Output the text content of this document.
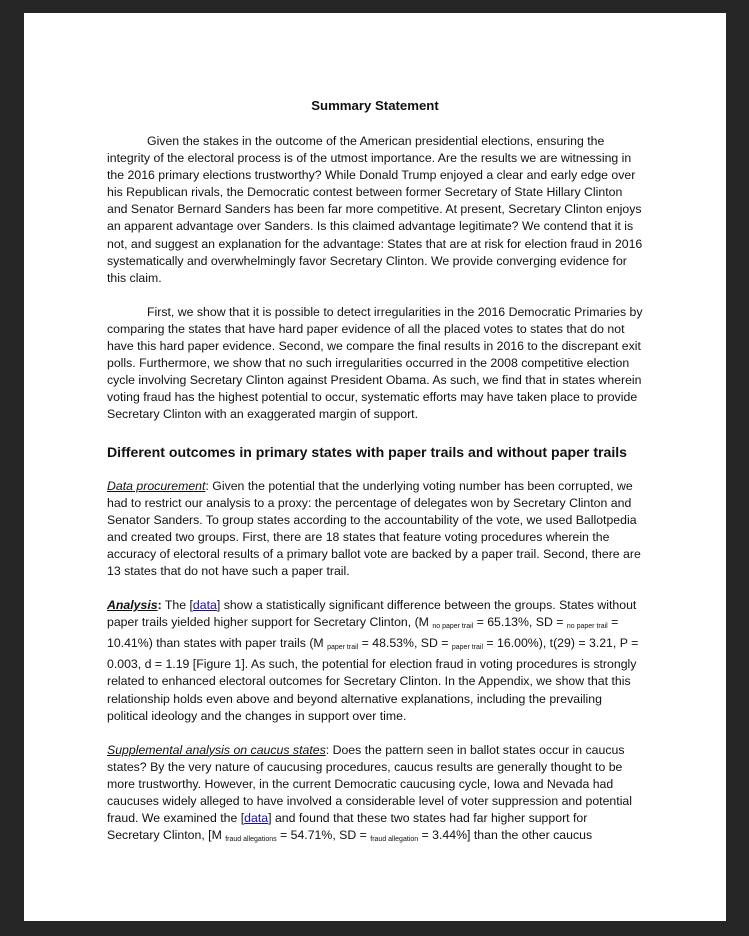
Summary Statement

Given the stakes in the outcome of the American presidential elections, ensuring the integrity of the electoral process is of the utmost importance. Are the results we are witnessing in the 2016 primary elections trustworthy? While Donald Trump enjoyed a clear and early edge over his Republican rivals, the Democratic contest between former Secretary of State Hillary Clinton and Senator Bernard Sanders has been far more competitive. At present, Secretary Clinton enjoys an apparent advantage over Sanders. Is this claimed advantage legitimate? We contend that it is not, and suggest an explanation for the advantage: States that are at risk for election fraud in 2016 systematically and overwhelmingly favor Secretary Clinton. We provide converging evidence for this claim.

First, we show that it is possible to detect irregularities in the 2016 Democratic Primaries by comparing the states that have hard paper evidence of all the placed votes to states that do not have this hard paper evidence. Second, we compare the final results in 2016 to the discrepant exit polls. Furthermore, we show that no such irregularities occurred in the 2008 competitive election cycle involving Secretary Clinton against President Obama. As such, we find that in states wherein voting fraud has the highest potential to occur, systematic efforts may have taken place to provide Secretary Clinton with an exaggerated margin of support.

Different outcomes in primary states with paper trails and without paper trails

Data procurement: Given the potential that the underlying voting number has been corrupted, we had to restrict our analysis to a proxy: the percentage of delegates won by Secretary Clinton and Senator Sanders. To group states according to the accountability of the vote, we used Ballotpedia and created two groups. First, there are 18 states that feature voting procedures wherein the accuracy of electoral results of a primary ballot vote are backed by a paper trail. Second, there are 13 states that do not have such a paper trail.

Analysis: The [data] show a statistically significant difference between the groups. States without paper trails yielded higher support for Secretary Clinton, (M $_{no paper trail}$ = 65.13%, SD = $_{no paper trail}$ = 10.41%) than states with paper trails (M $_{paper trail}$ = 48.53%, SD = $_{paper trail}$ = 16.00%), t(29) = 3.21, P = 0.003, d = 1.19 [Figure 1]. As such, the potential for election fraud in voting procedures is strongly related to enhanced electoral outcomes for Secretary Clinton. In the Appendix, we show that this relationship holds even above and beyond alternative explanations, including the prevailing political ideology and the changes in support over time.

Supplemental analysis on caucus states: Does the pattern seen in ballot states occur in caucus states? By the very nature of caucusing procedures, caucus results are generally thought to be more trustworthy. However, in the current Democratic caucusing cycle, Iowa and Nevada had caucuses widely alleged to have involved a considerable level of voter suppression and potential fraud. We examined the [data] and found that these two states had far higher support for Secretary Clinton, [M $_{fraud allegations}$ = 54.71%, SD = $_{fraud allegation}$ = 3.44%] than the other caucus
